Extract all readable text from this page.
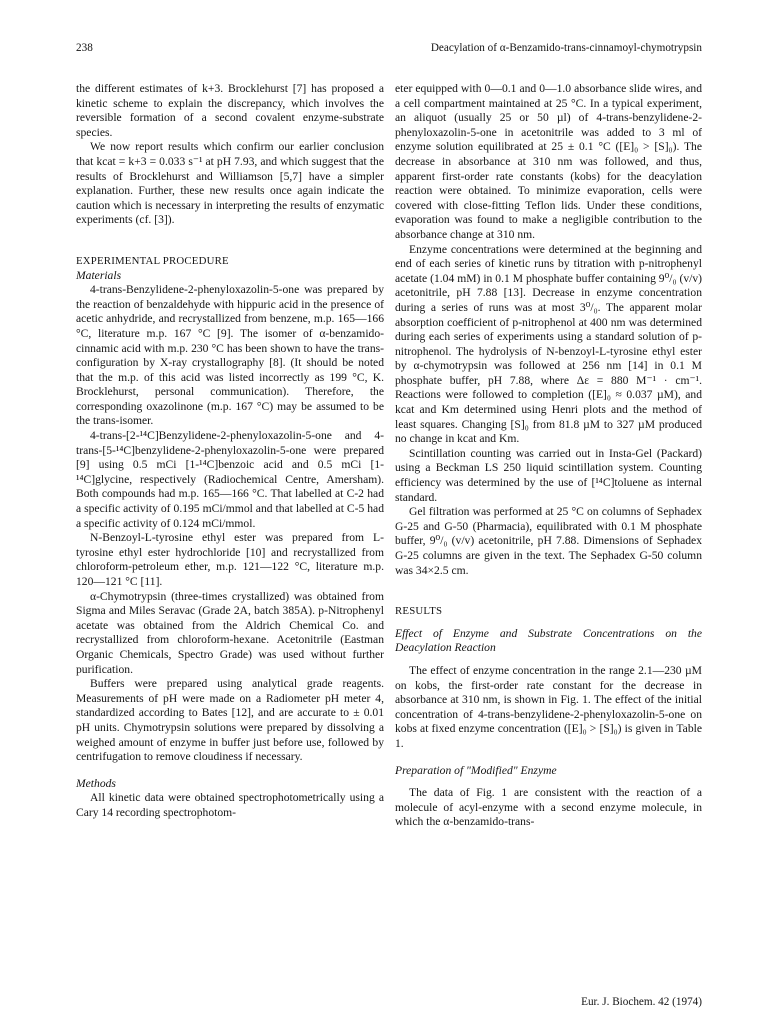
238	Deacylation of α-Benzamido-trans-cinnamoyl-chymotrypsin

the different estimates of k+3. Brocklehurst [7] has proposed a kinetic scheme to explain the discrepancy, which involves the reversible formation of a second covalent enzyme-substrate species.

We now report results which confirm our earlier conclusion that kcat = k+3 = 0.033 s⁻¹ at pH 7.93, and which suggest that the results of Brocklehurst and Williamson [5,7] have a simpler explanation. Further, these new results once again indicate the caution which is necessary in interpreting the results of enzymatic experiments (cf. [3]).

EXPERIMENTAL PROCEDURE

Materials

4-trans-Benzylidene-2-phenyloxazolin-5-one was prepared by the reaction of benzaldehyde with hippuric acid in the presence of acetic anhydride, and recrystallized from benzene, m.p. 165—166 °C, literature m.p. 167 °C [9]. The isomer of α-benzamido-cinnamic acid with m.p. 230 °C has been shown to have the trans-configuration by X-ray crystallography [8]. (It should be noted that the m.p. of this acid was listed incorrectly as 199 °C, K. Brocklehurst, personal communication). Therefore, the corresponding oxazolinone (m.p. 167 °C) may be assumed to be the trans-isomer.

4-trans-[2-¹⁴C]Benzylidene-2-phenyloxazolin-5-one and 4-trans-[5-¹⁴C]benzylidene-2-phenyloxazolin-5-one were prepared [9] using 0.5 mCi [1-¹⁴C]benzoic acid and 0.5 mCi [1-¹⁴C]glycine, respectively (Radiochemical Centre, Amersham). Both compounds had m.p. 165—166 °C. That labelled at C-2 had a specific activity of 0.195 mCi/mmol and that labelled at C-5 had a specific activity of 0.124 mCi/mmol.

N-Benzoyl-L-tyrosine ethyl ester was prepared from L-tyrosine ethyl ester hydrochloride [10] and recrystallized from chloroform-petroleum ether, m.p. 121—122 °C, literature m.p. 120—121 °C [11].

α-Chymotrypsin (three-times crystallized) was obtained from Sigma and Miles Seravac (Grade 2A, batch 385A). p-Nitrophenyl acetate was obtained from the Aldrich Chemical Co. and recrystallized from chloroform-hexane. Acetonitrile (Eastman Organic Chemicals, Spectro Grade) was used without further purification.

Buffers were prepared using analytical grade reagents. Measurements of pH were made on a Radiometer pH meter 4, standardized according to Bates [12], and are accurate to ± 0.01 pH units. Chymotrypsin solutions were prepared by dissolving a weighed amount of enzyme in buffer just before use, followed by centrifugation to remove cloudiness if necessary.

Methods

All kinetic data were obtained spectrophotometrically using a Cary 14 recording spectrophotom-

eter equipped with 0—0.1 and 0—1.0 absorbance slide wires, and a cell compartment maintained at 25 °C. In a typical experiment, an aliquot (usually 25 or 50 µl) of 4-trans-benzylidene-2-phenyloxazolin-5-one in acetonitrile was added to 3 ml of enzyme solution equilibrated at 25 ± 0.1 °C ([E]₀ > [S]₀). The decrease in absorbance at 310 nm was followed, and thus, apparent first-order rate constants (kobs) for the deacylation reaction were obtained. To minimize evaporation, cells were covered with close-fitting Teflon lids. Under these conditions, evaporation was found to make a negligible contribution to the absorbance change at 310 nm.

Enzyme concentrations were determined at the beginning and end of each series of kinetic runs by titration with p-nitrophenyl acetate (1.04 mM) in 0.1 M phosphate buffer containing 9⁰/₀ (v/v) acetonitrile, pH 7.88 [13]. Decrease in enzyme concentration during a series of runs was at most 3⁰/₀. The apparent molar absorption coefficient of p-nitrophenol at 400 nm was determined during each series of experiments using a standard solution of p-nitrophenol. The hydrolysis of N-benzoyl-L-tyrosine ethyl ester by α-chymotrypsin was followed at 256 nm [14] in 0.1 M phosphate buffer, pH 7.88, where Δε = 880 M⁻¹ · cm⁻¹. Reactions were followed to completion ([E]₀ ≈ 0.037 µM), and kcat and Km determined using Henri plots and the method of least squares. Changing [S]₀ from 81.8 µM to 327 µM produced no change in kcat and Km.

Scintillation counting was carried out in Insta-Gel (Packard) using a Beckman LS 250 liquid scintillation system. Counting efficiency was determined by the use of [¹⁴C]toluene as internal standard.

Gel filtration was performed at 25 °C on columns of Sephadex G-25 and G-50 (Pharmacia), equilibrated with 0.1 M phosphate buffer, 9⁰/₀ (v/v) acetonitrile, pH 7.88. Dimensions of Sephadex G-25 columns are given in the text. The Sephadex G-50 column was 34×2.5 cm.

RESULTS

Effect of Enzyme and Substrate Concentrations on the Deacylation Reaction

The effect of enzyme concentration in the range 2.1—230 µM on kobs, the first-order rate constant for the decrease in absorbance at 310 nm, is shown in Fig. 1. The effect of the initial concentration of 4-trans-benzylidene-2-phenyloxazolin-5-one on kobs at fixed enzyme concentration ([E]₀ > [S]₀) is given in Table 1.

Preparation of "Modified" Enzyme

The data of Fig. 1 are consistent with the reaction of a molecule of acyl-enzyme with a second enzyme molecule, in which the α-benzamido-trans-

Eur. J. Biochem. 42 (1974)
